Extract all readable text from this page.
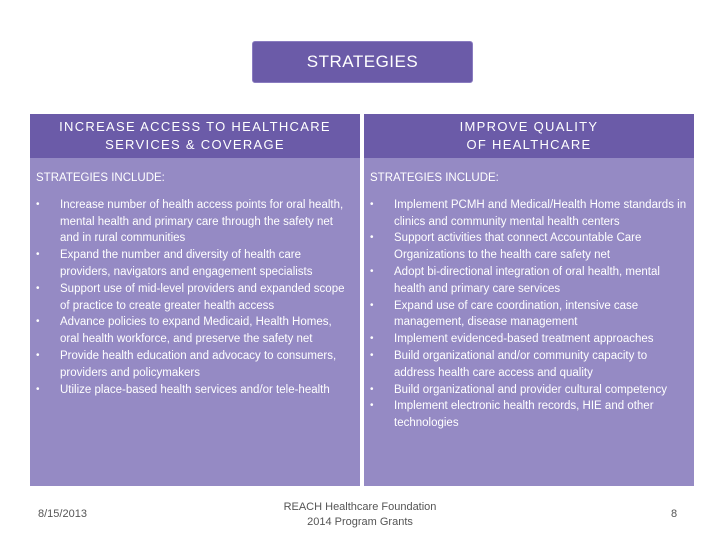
STRATEGIES
INCREASE ACCESS TO HEALTHCARE
SERVICES & COVERAGE
STRATEGIES INCLUDE:
• Increase number of health access points for oral health, mental health and primary care through the safety net and in rural communities
• Expand the number and diversity of health care providers, navigators and engagement specialists
• Support use of mid-level providers and expanded scope of practice to create greater health access
• Advance policies to expand Medicaid, Health Homes, oral health workforce, and preserve the safety net
• Provide health education and advocacy to consumers, providers and policymakers
• Utilize place-based health services and/or tele-health
IMPROVE QUALITY
OF HEALTHCARE
STRATEGIES INCLUDE:
• Implement PCMH and Medical/Health Home standards in clinics and community mental health centers
• Support activities that connect Accountable Care Organizations to the health care safety net
• Adopt bi-directional integration of oral health, mental health and primary care services
• Expand use of care coordination, intensive case management, disease management
• Implement evidenced-based treatment approaches
• Build organizational and/or community capacity to address health care access and quality
• Build organizational and provider cultural competency
• Implement electronic health records, HIE and other technologies
8/15/2013
REACH Healthcare Foundation
2014 Program Grants
8
